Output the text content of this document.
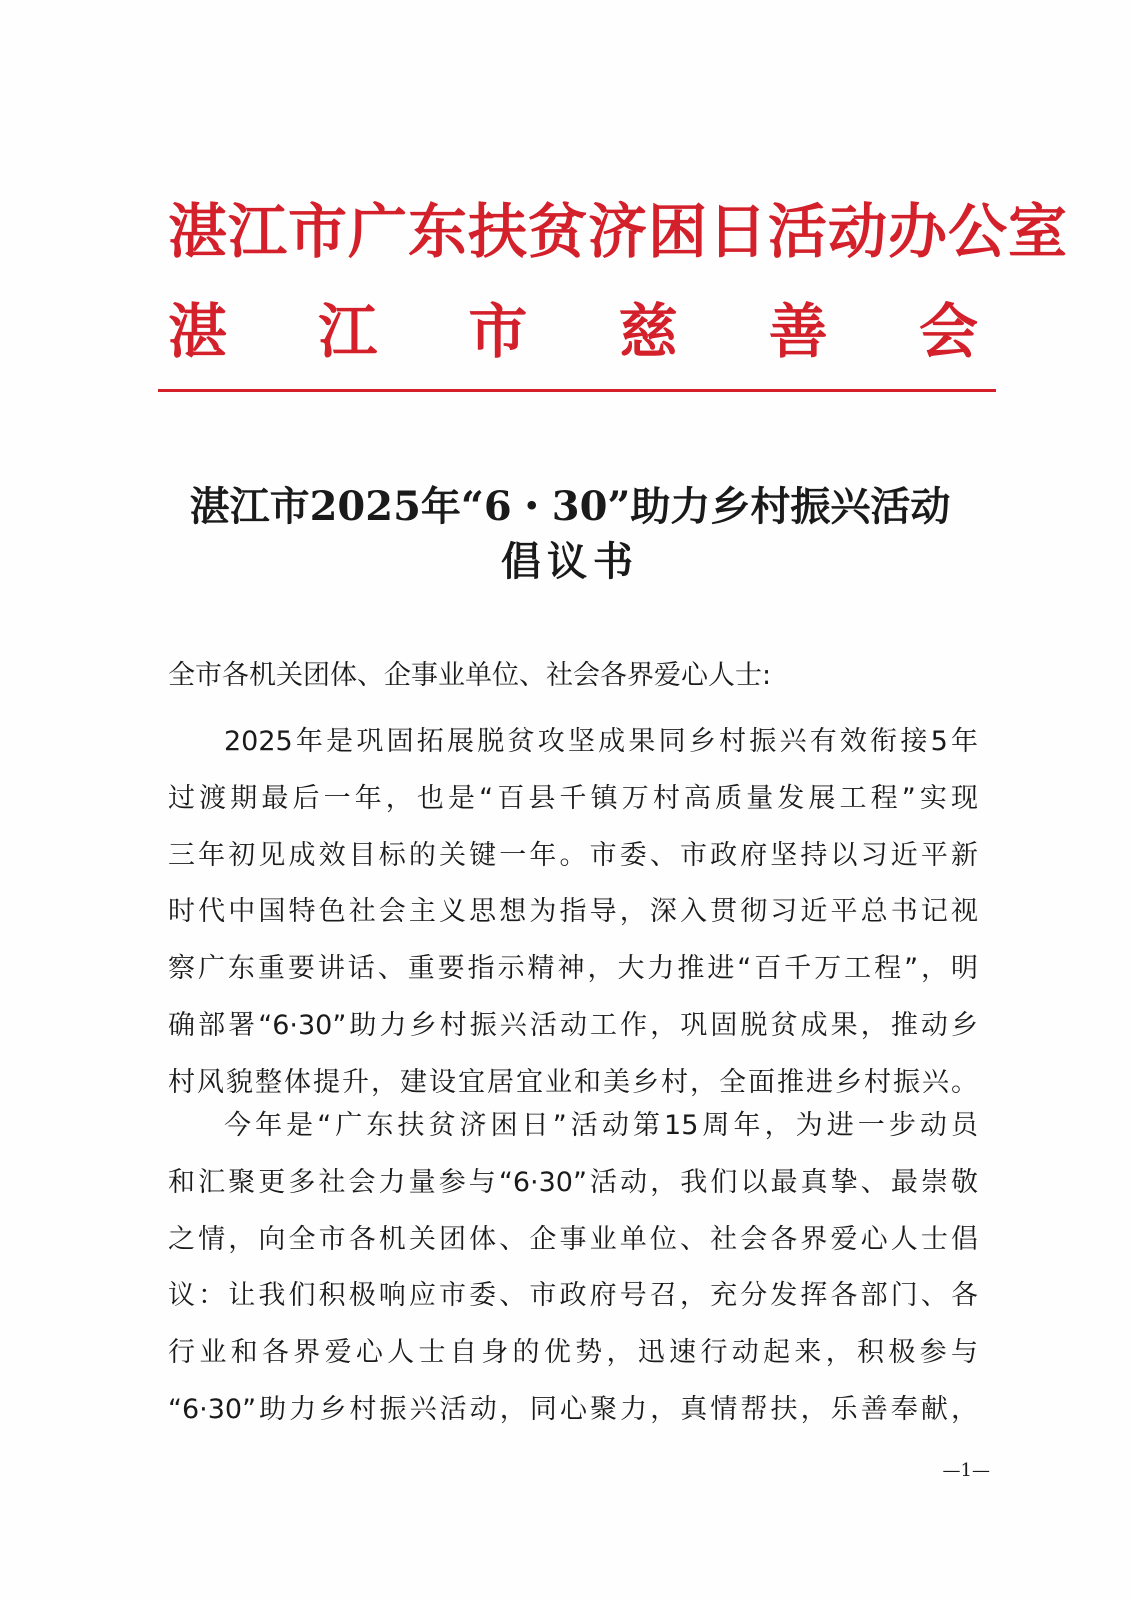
湛江市广东扶贫济困日活动办公室
湛 江 市 慈 善 会
湛江市2025年“6・30”助力乡村振兴活动
倡议书
全市各机关团体、企事业单位、社会各界爱心人士:
2025年是巩固拓展脱贫攻坚成果同乡村振兴有效衔接5年
过渡期最后一年，也是“百县千镇万村高质量发展工程”实现
三年初见成效目标的关键一年。市委、市政府坚持以习近平新
时代中国特色社会主义思想为指导，深入贯彻习近平总书记视
察广东重要讲话、重要指示精神，大力推进“百千万工程”，明
确部署“6·30”助力乡村振兴活动工作，巩固脱贫成果，推动乡
村风貌整体提升，建设宜居宜业和美乡村，全面推进乡村振兴。
今年是“广东扶贫济困日”活动第15周年，为进一步动员
和汇聚更多社会力量参与“6·30”活动，我们以最真挚、最崇敬
之情，向全市各机关团体、企事业单位、社会各界爱心人士倡
议：让我们积极响应市委、市政府号召，充分发挥各部门、各
行业和各界爱心人士自身的优势，迅速行动起来，积极参与
“6·30”助力乡村振兴活动，同心聚力，真情帮扶，乐善奉献，
—1—
